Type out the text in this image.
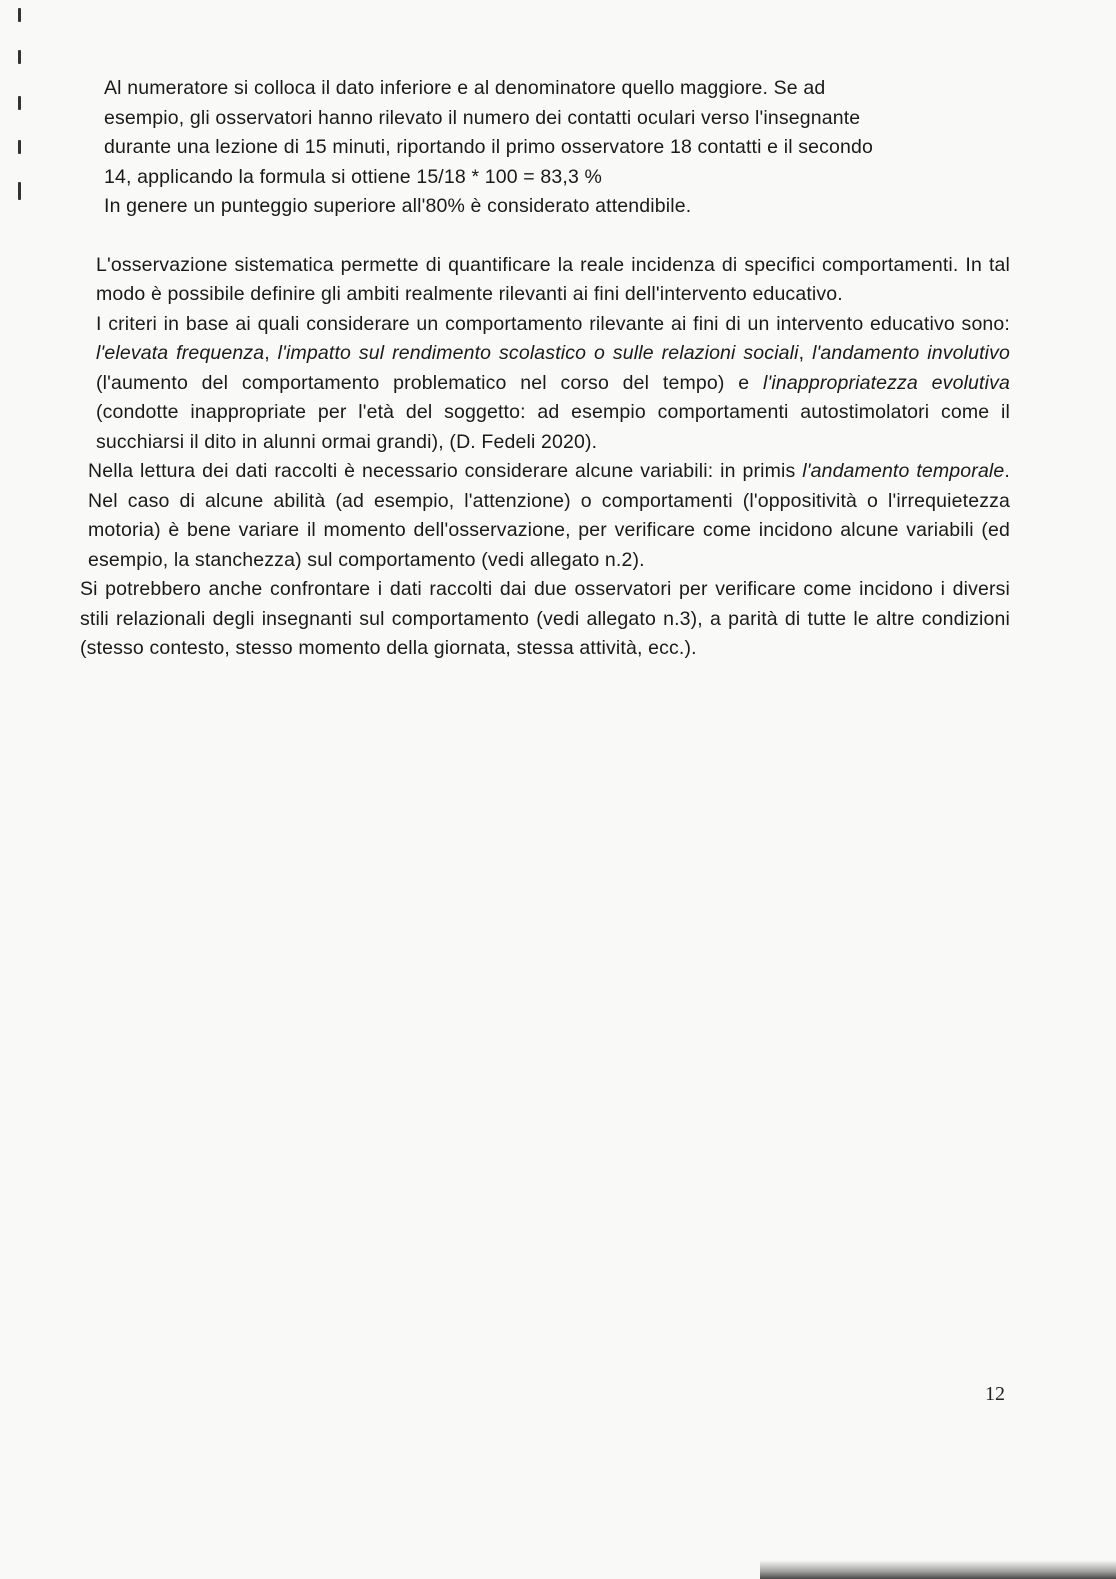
Al numeratore si colloca il dato inferiore e al denominatore quello maggiore. Se ad
esempio, gli osservatori hanno rilevato il numero dei contatti oculari verso l'insegnante
durante una lezione di 15 minuti, riportando il primo osservatore 18 contatti e il secondo
14, applicando la formula si ottiene 15/18 * 100 = 83,3 %

In genere un punteggio superiore all'80% è considerato attendibile.

L'osservazione sistematica permette di quantificare la reale incidenza di specifici comportamenti. In tal modo è possibile definire gli ambiti realmente rilevanti ai fini dell'intervento educativo.

I criteri in base ai quali considerare un comportamento rilevante ai fini di un intervento educativo sono: l'elevata frequenza, l'impatto sul rendimento scolastico o sulle relazioni sociali, l'andamento involutivo (l'aumento del comportamento problematico nel corso del tempo) e l'inappropriatezza evolutiva (condotte inappropriate per l'età del soggetto: ad esempio comportamenti autostimolatori come il succhiarsi il dito in alunni ormai grandi), (D. Fedeli 2020).

Nella lettura dei dati raccolti è necessario considerare alcune variabili: in primis l'andamento temporale. Nel caso di alcune abilità (ad esempio, l'attenzione) o comportamenti (l'oppositività o l'irrequietezza motoria) è bene variare il momento dell'osservazione, per verificare come incidono alcune variabili (ed esempio, la stanchezza) sul comportamento (vedi allegato n.2).

Si potrebbero anche confrontare i dati raccolti dai due osservatori per verificare come incidono i diversi stili relazionali degli insegnanti sul comportamento (vedi allegato n.3), a parità di tutte le altre condizioni (stesso contesto, stesso momento della giornata, stessa attività, ecc.).

12
